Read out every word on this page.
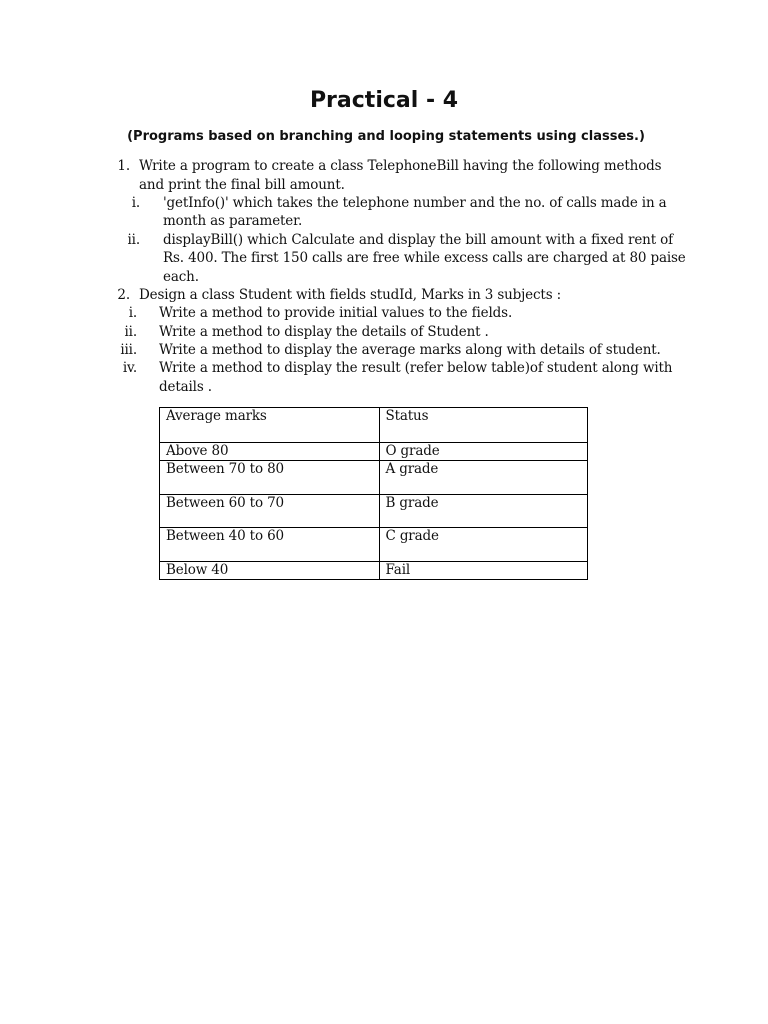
Practical - 4
(Programs based on branching and looping statements using classes.)
1. Write a program to create a class TelephoneBill having the following methods
and print the final bill amount.
i. 'getInfo()' which takes the telephone number and the no. of calls made in a
month as parameter.
ii. displayBill() which Calculate and display the bill amount with a fixed rent of
Rs. 400. The first 150 calls are free while excess calls are charged at 80 paise
each.
2. Design a class Student with fields studId, Marks in 3 subjects :
i. Write a method to provide initial values to the fields.
ii. Write a method to display the details of Student .
iii. Write a method to display the average marks along with details of student.
iv. Write a method to display the result (refer below table)of student along with
details .
Average marks	Status
Above 80	O grade
Between 70 to 80	A grade
Between 60 to 70	B grade
Between 40 to 60	C grade
Below 40	Fail
